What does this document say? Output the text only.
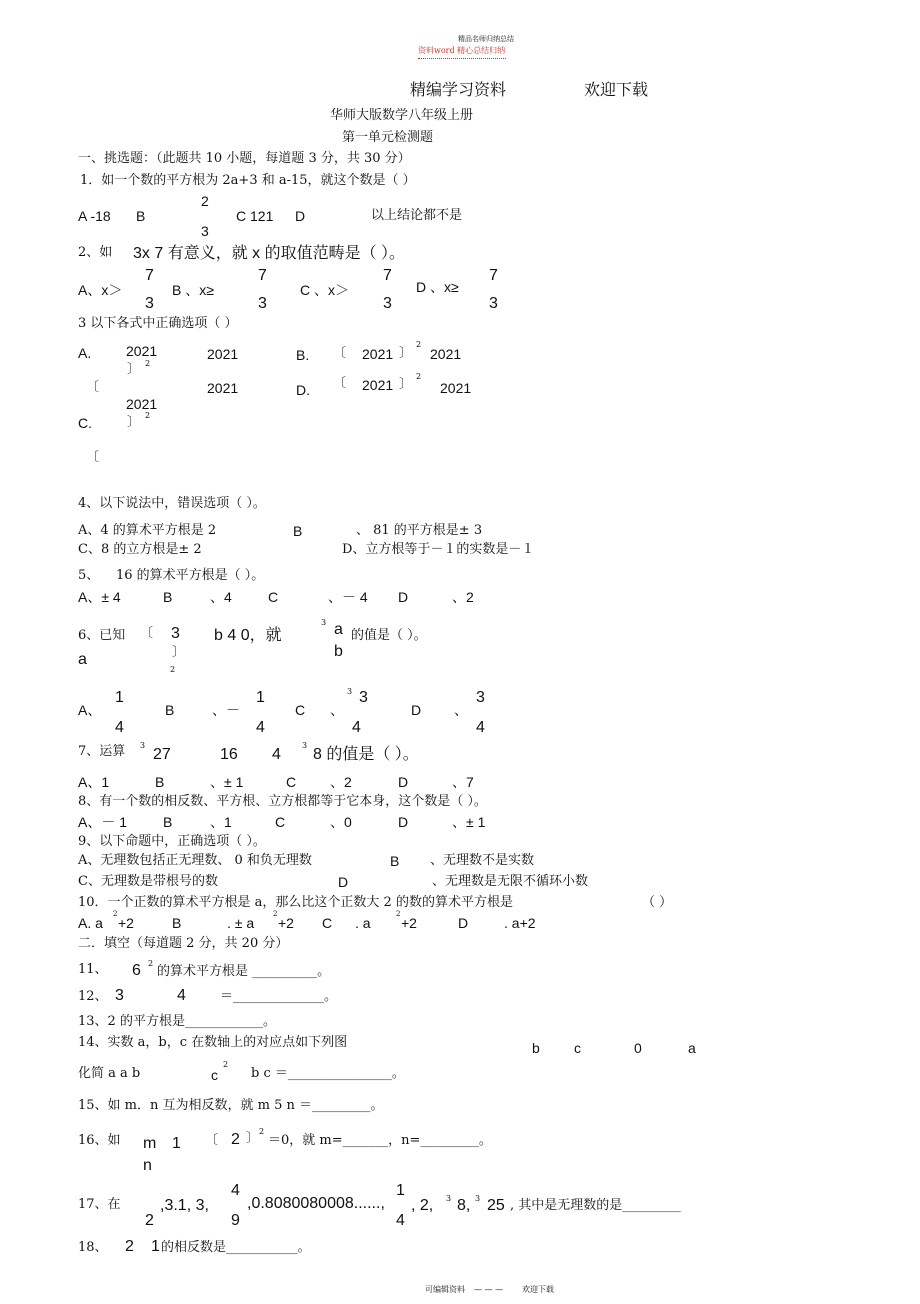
精品名师归纳总结
资料word 精心总结归纳
精编学习资料	欢迎下载
华师大版数学八年级上册
第一单元检测题
一、挑选题：（此题共 10 小题，每道题 3 分，共 30 分）
1．如一个数的平方根为 2a+3 和 a-15，就这个数是（ ）
2
A -18 B	C 121 D	以上结论都不是
3
2、如 3x 7 有意义，就 x 的取值范畴是（ ）。
7	7	7	7
A、x＞	B 、x≥	C 、x＞	D 、x≥
3	3	3	3
3 以下各式中正确选项（ ）
2021
A.	2021	B. 〔 2021 〕
2
2021
〕 2
〔	2021	D. 〔 2021 〕
2
2021
2021
C.	〕 2
〔
4、以下说法中，错误选项（ ）。
A、4 的算术平方根是 2	B	、 81 的平方根是± 3
C、8 的立方根是± 2	D、立方根等于－１的实数是－１
5、 16 的算术平方根是（ ）。
A、± 4	B	、4	C	、－ 4 D	、2
6、已知 〔 3 b 4 0，就
3 a 的值是（ ）。
b
〕
a
2
1	1	3 3	3
A、	B	、－	C 、	D 、
4	4	4	4
7、运算 3
27	16 4
3
8 的值是（ ）。
A、1	B	、± 1	C 、2	D	、7
8、有一个数的相反数、平方根、立方根都等于它本身，这个数是（ ）。
A、－ 1	B	、1	C	、0	D	、± 1
9、以下命题中，正确选项（ ）。
A、无理数包括正无理数、 0 和负无理数	B 、无理数不是实数
C、无理数是带根号的数	D	、无理数是无限不循环小数
10．一个正数的算术平方根是 a，那么比这个正数大 2 的数的算术平方根是	（ ）
A. a
2
+2	B	. ± a
2
+2 C . a
2
+2	D	. a+2
二．填空（每道题 2 分，共 20 分）
11、 6 2
的算术平方根是 __________。
12、 3	4	＝______________。
13、2 的平方根是____________。
14、实数 a，b，c 在数轴上的对应点如下列图	b c	0	a
化简 a a b	c
2
b c ＝________________。
15、如 m．n 互为相反数，就 m 5 n ＝_________。
16、如 m 1 〔 2 〕 2
＝0，就 m=_______，n=_________。
n
4	1
17、在 ,3.1, 3, ,0.8080080008......, , 2, 3 8, 3 25 , 其中是无理数的是_________
2	9	4
18、 2 1 的相反数是___________。
可编辑资料 — — — 欢迎下载
